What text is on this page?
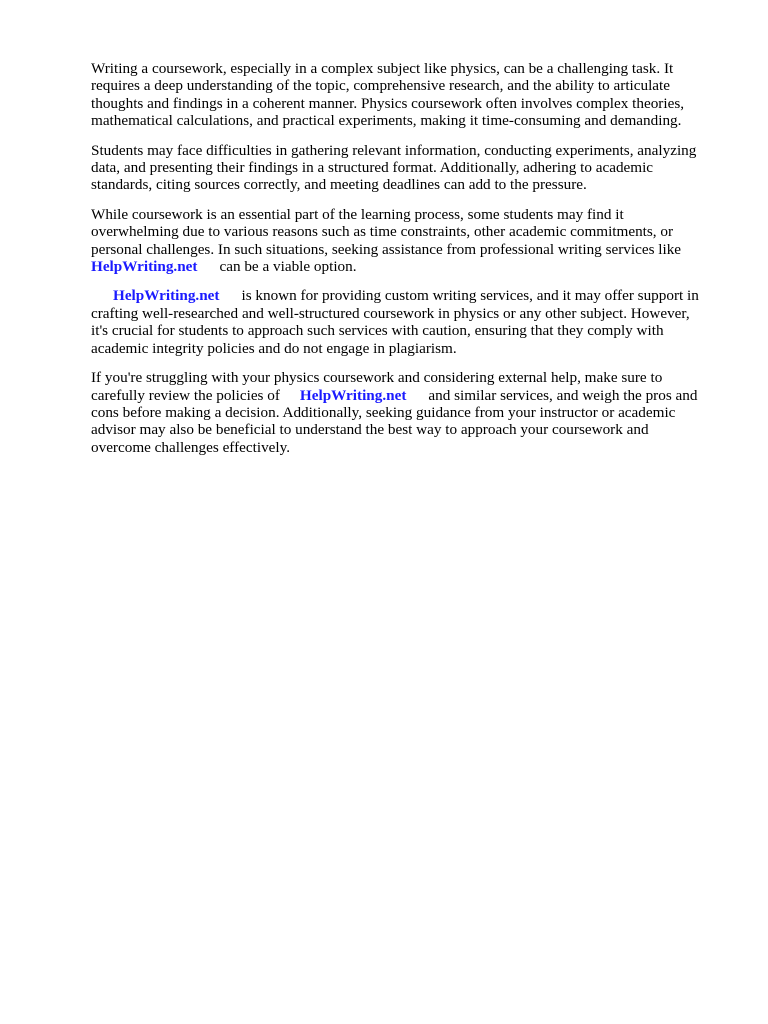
Writing a coursework, especially in a complex subject like physics, can be a challenging task. It
requires a deep understanding of the topic, comprehensive research, and the ability to articulate
thoughts and findings in a coherent manner. Physics coursework often involves complex theories,
mathematical calculations, and practical experiments, making it time-consuming and demanding.

Students may face difficulties in gathering relevant information, conducting experiments, analyzing
data, and presenting their findings in a structured format. Additionally, adhering to academic
standards, citing sources correctly, and meeting deadlines can add to the pressure.

While coursework is an essential part of the learning process, some students may find it
overwhelming due to various reasons such as time constraints, other academic commitments, or
personal challenges. In such situations, seeking assistance from professional writing services like
HelpWriting.net can be a viable option.

HelpWriting.net is known for providing custom writing services, and it may offer support in
crafting well-researched and well-structured coursework in physics or any other subject. However,
it's crucial for students to approach such services with caution, ensuring that they comply with
academic integrity policies and do not engage in plagiarism.

If you're struggling with your physics coursework and considering external help, make sure to
carefully review the policies of HelpWriting.net and similar services, and weigh the pros and
cons before making a decision. Additionally, seeking guidance from your instructor or academic
advisor may also be beneficial to understand the best way to approach your coursework and
overcome challenges effectively.
